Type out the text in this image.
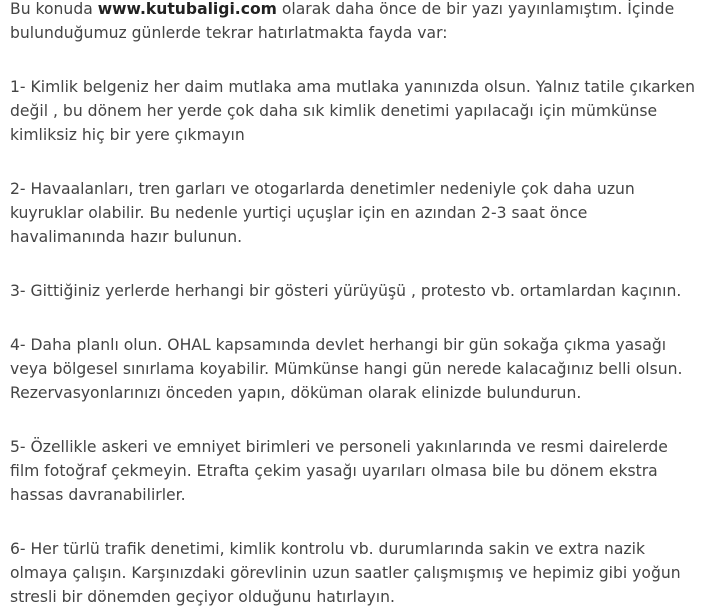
Bu konuda www.kutubaligi.com olarak daha önce de bir yazı yayınlamıştım. İçinde bulunduğumuz günlerde tekrar hatırlatmakta fayda var:

1- Kimlik belgeniz her daim mutlaka ama mutlaka yanınızda olsun. Yalnız tatile çıkarken değil , bu dönem her yerde çok daha sık kimlik denetimi yapılacağı için mümkünse kimliksiz hiç bir yere çıkmayın

2- Havaalanları, tren garları ve otogarlarda denetimler nedeniyle çok daha uzun kuyruklar olabilir. Bu nedenle yurtiçi uçuşlar için en azından 2-3 saat önce havalimanında hazır bulunun.

3- Gittiğiniz yerlerde herhangi bir gösteri yürüyüşü , protesto vb. ortamlardan kaçının.

4- Daha planlı olun. OHAL kapsamında devlet herhangi bir gün sokağa çıkma yasağı veya bölgesel sınırlama koyabilir. Mümkünse hangi gün nerede kalacağınız belli olsun. Rezervasyonlarınızı önceden yapın, döküman olarak elinizde bulundurun.

5- Özellikle askeri ve emniyet birimleri ve personeli yakınlarında ve resmi dairelerde film fotoğraf çekmeyin. Etrafta çekim yasağı uyarıları olmasa bile bu dönem ekstra hassas davranabilirler.

6- Her türlü trafik denetimi, kimlik kontrolu vb. durumlarında sakin ve extra nazik olmaya çalışın. Karşınızdaki görevlinin uzun saatler çalışmışmış ve hepimiz gibi yoğun stresli bir dönemden geçiyor olduğunu hatırlayın.
